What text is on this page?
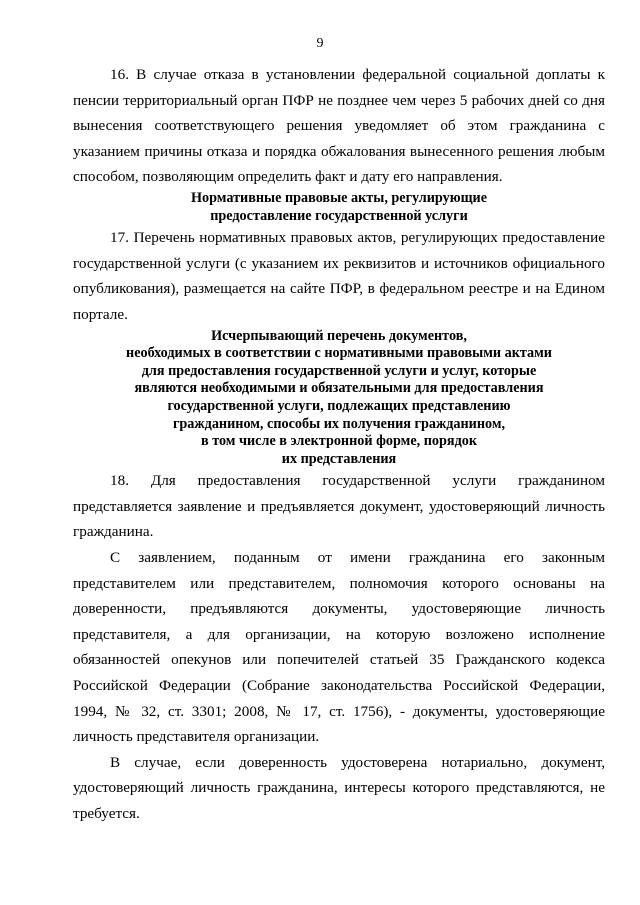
9

16. В случае отказа в установлении федеральной социальной доплаты к пенсии территориальный орган ПФР не позднее чем через 5 рабочих дней со дня вынесения соответствующего решения уведомляет об этом гражданина с указанием причины отказа и порядка обжалования вынесенного решения любым способом, позволяющим определить факт и дату его направления.

Нормативные правовые акты, регулирующие
предоставление государственной услуги

17. Перечень нормативных правовых актов, регулирующих предоставление государственной услуги (с указанием их реквизитов и источников официального опубликования), размещается на сайте ПФР, в федеральном реестре и на Едином портале.

Исчерпывающий перечень документов,
необходимых в соответствии с нормативными правовыми актами
для предоставления государственной услуги и услуг, которые
являются необходимыми и обязательными для предоставления
государственной услуги, подлежащих представлению
гражданином, способы их получения гражданином,
в том числе в электронной форме, порядок
их представления

18. Для предоставления государственной услуги гражданином представляется заявление и предъявляется документ, удостоверяющий личность гражданина.

С заявлением, поданным от имени гражданина его законным представителем или представителем, полномочия которого основаны на доверенности, предъявляются документы, удостоверяющие личность представителя, а для организации, на которую возложено исполнение обязанностей опекунов или попечителей статьей 35 Гражданского кодекса Российской Федерации (Собрание законодательства Российской Федерации, 1994, № 32, ст. 3301; 2008, № 17, ст. 1756), - документы, удостоверяющие личность представителя организации.

В случае, если доверенность удостоверена нотариально, документ, удостоверяющий личность гражданина, интересы которого представляются, не требуется.
